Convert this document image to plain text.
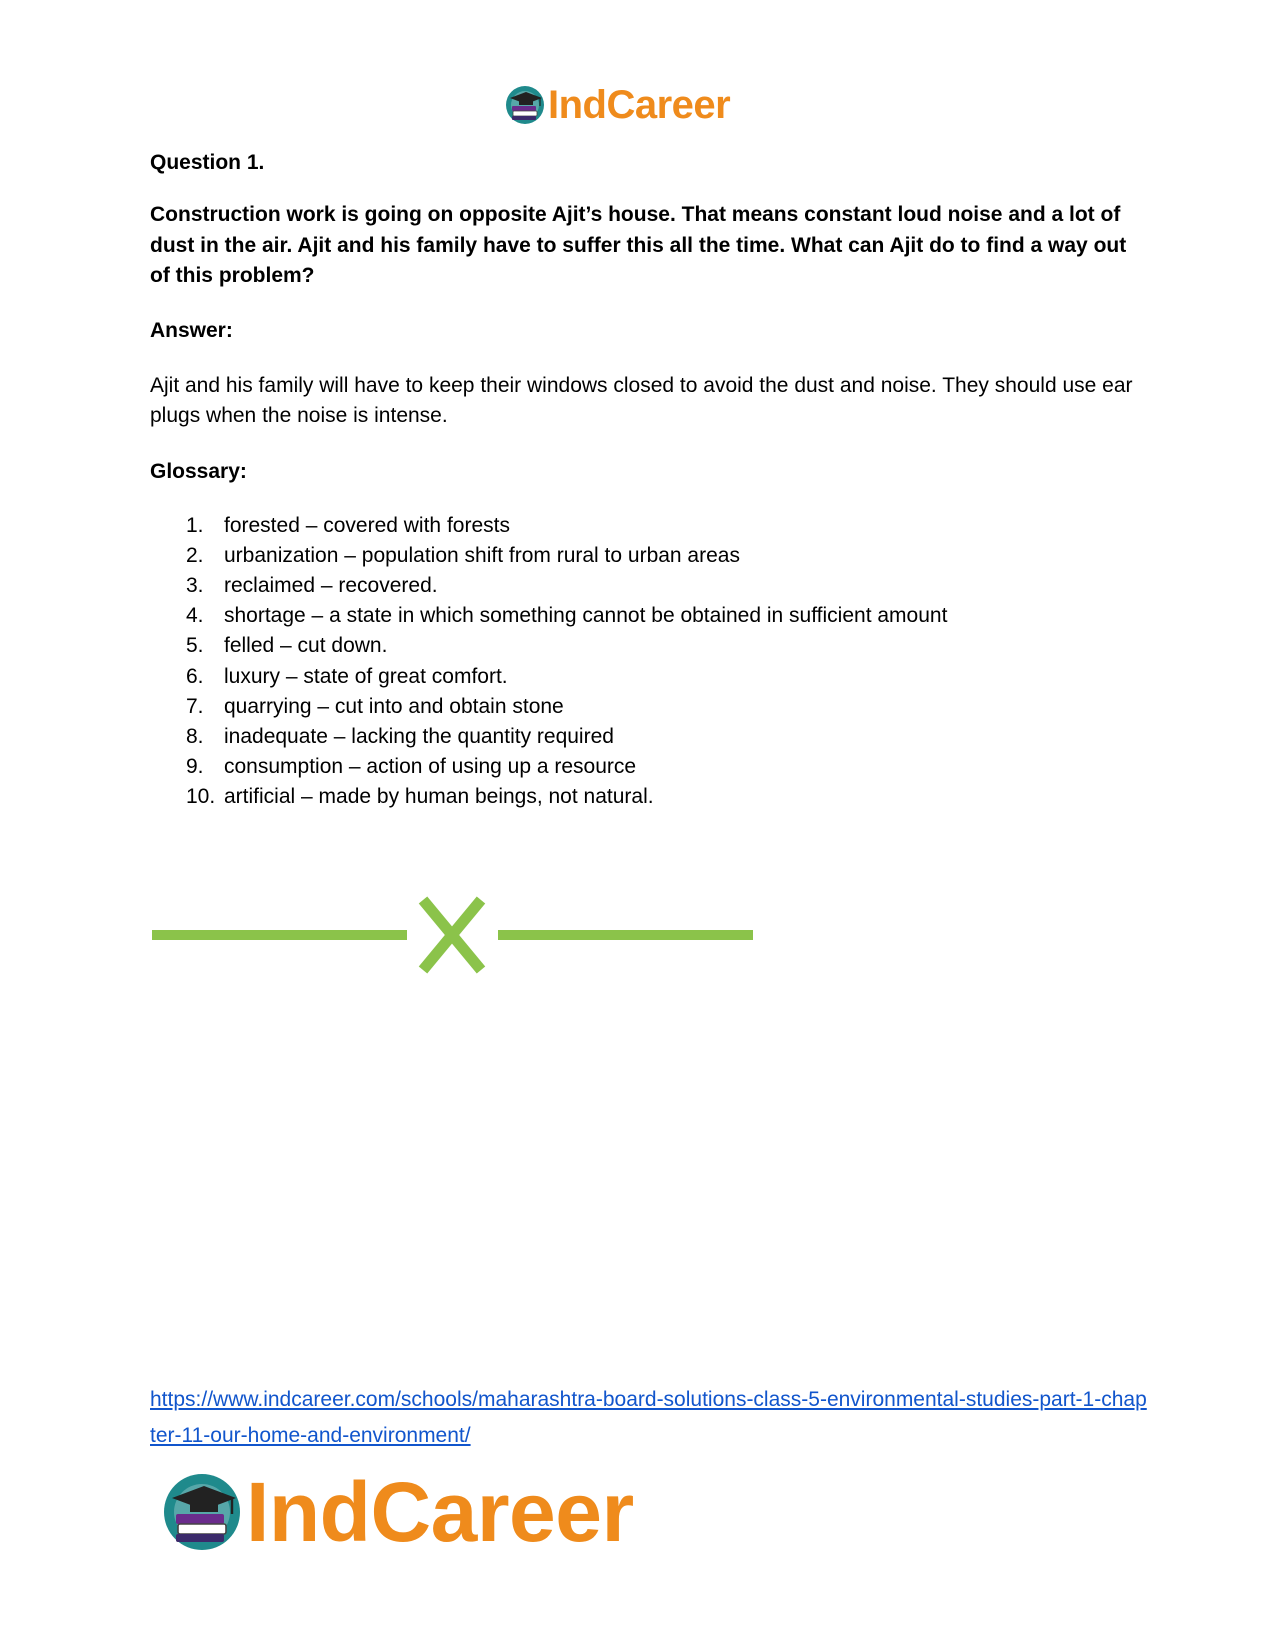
IndCareer

Question 1.

Construction work is going on opposite Ajit’s house. That means constant loud noise and a lot of dust in the air. Ajit and his family have to suffer this all the time. What can Ajit do to find a way out of this problem?

Answer:

Ajit and his family will have to keep their windows closed to avoid the dust and noise. They should use ear plugs when the noise is intense.

Glossary:

1. forested – covered with forests
2. urbanization – population shift from rural to urban areas
3. reclaimed – recovered.
4. shortage – a state in which something cannot be obtained in sufficient amount
5. felled – cut down.
6. luxury – state of great comfort.
7. quarrying – cut into and obtain stone
8. inadequate – lacking the quantity required
9. consumption – action of using up a resource
10. artificial – made by human beings, not natural.
https://www.indcareer.com/schools/maharashtra-board-solutions-class-5-environmental-studies-part-1-chapter-11-our-home-and-environment/
IndCareer
